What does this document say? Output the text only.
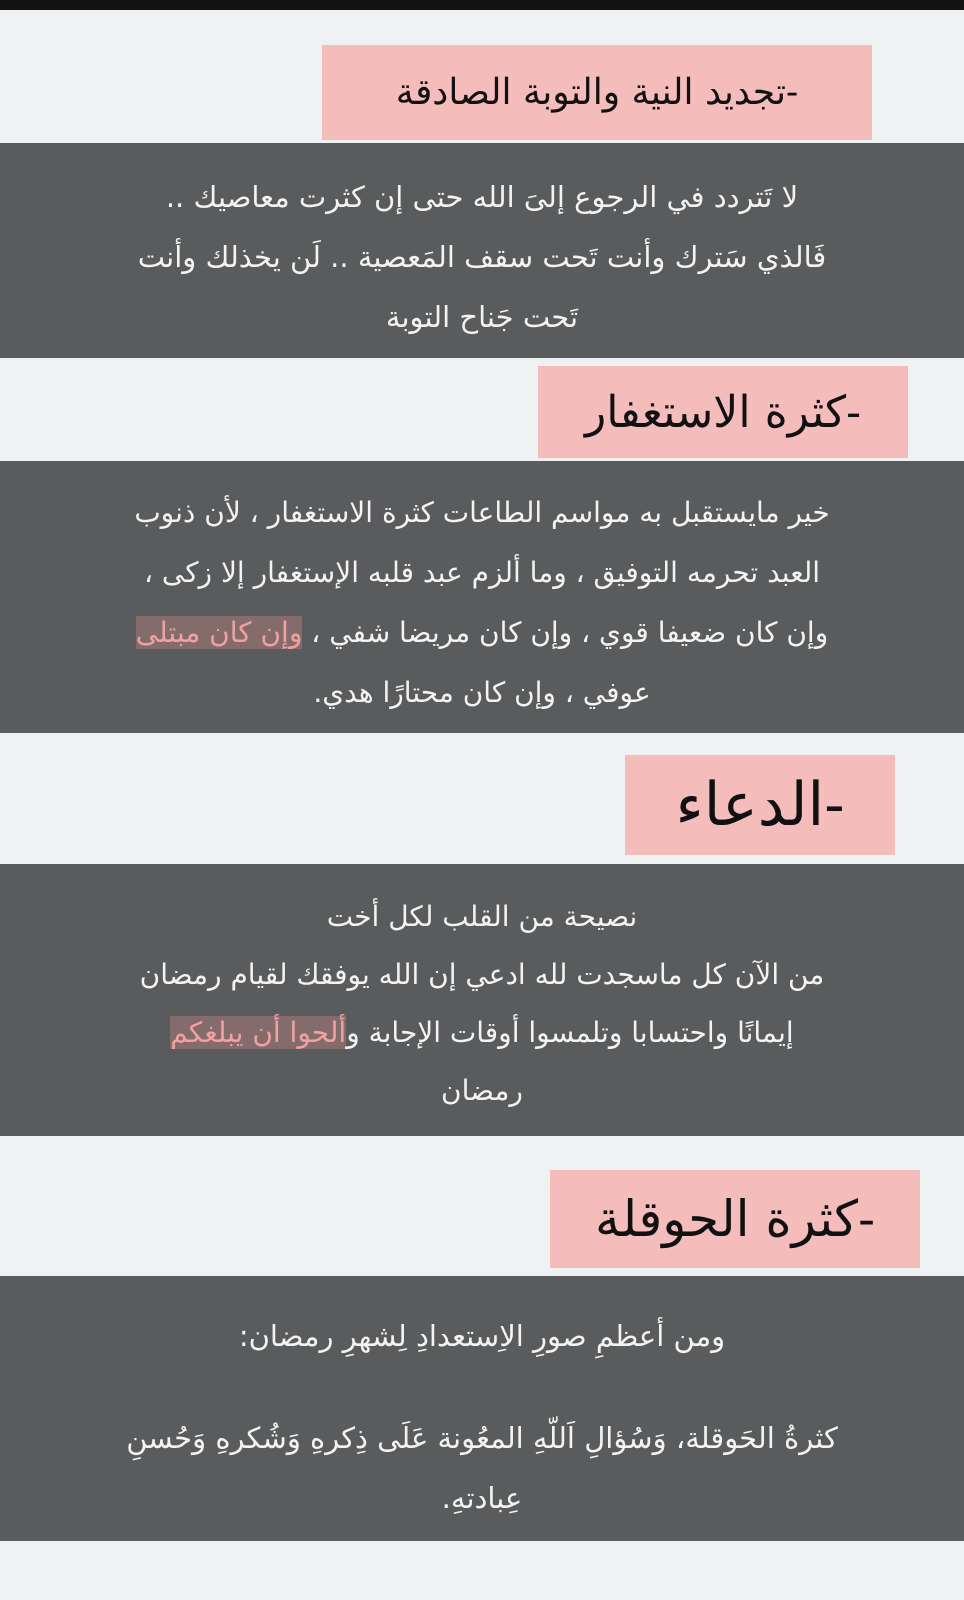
-
تجديد النية والتوبة الصادقة

لا تَتردد في الرجوع إلىَ الله حتى إن كثرت معاصيك ..

فَالذي سَترك وأنت تَحت سقف المَعصية .. لَن يخذلك وأنت

تَحت جَناح التوبة

-
كثرة الاستغفار

خير مايستقبل به مواسم الطاعات كثرة الاستغفار ، لأن ذنوب

العبد تحرمه التوفيق ، وما ألزم عبد قلبه الإستغفار إلا زكى ،

وإن كان ضعيفا قوي ، وإن كان مريضا شفي ، وإن كان مبتلى

عوفي ، وإن كان محتارًا هدي.

-
الدعاء

نصيحة من القلب لكل أخت

من الآن كل ماسجدت لله ادعي إن الله يوفقك لقيام رمضان

إيمانًا واحتسابا وتلمسوا أوقات الإجابة وألحوا أن يبلغكم

رمضان

-
كثرة الحوقلة

ومن أعظمِ صورِ الاِستعدادِ لِشهرِ رمضان:

كثرةُ الحَوقلة، وَسُؤالِ اَللّهِ المعُونة عَلَى ذِكرهِ وَشُكرهِ وَحُسنِ

عِبادتهِ.
